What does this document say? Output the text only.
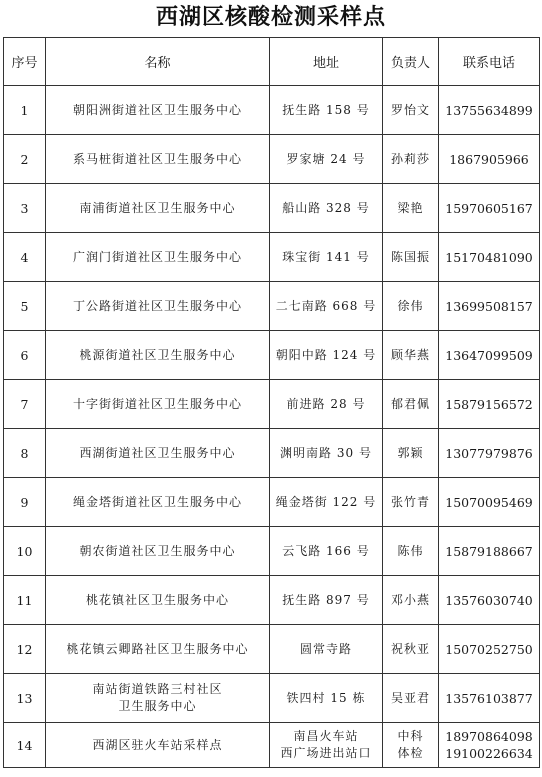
西湖区核酸检测采样点
序号	名称	地址	负责人	联系电话
1	朝阳洲街道社区卫生服务中心	抚生路 158 号	罗怡文	13755634899

2	系马桩街道社区卫生服务中心	罗家塘 24 号	孙莉莎	1867905966

3	南浦街道社区卫生服务中心	船山路 328 号	梁艳	15970605167

4	广润门街道社区卫生服务中心	珠宝街 141 号	陈国振	15170481090

5	丁公路街道社区卫生服务中心	二七南路 668 号	徐伟	13699508157

6	桃源街道社区卫生服务中心	朝阳中路 124 号	顾华燕	13647099509

7	十字街街道社区卫生服务中心	前进路 28 号	郁君佩	15879156572

8	西湖街道社区卫生服务中心	渊明南路 30 号	郭颖	13077979876

9	绳金塔街道社区卫生服务中心	绳金塔街 122 号	张竹青	15070095469

10	朝农街道社区卫生服务中心	云飞路 166 号	陈伟	15879188667

11	桃花镇社区卫生服务中心	抚生路 897 号	邓小燕	13576030740

12	桃花镇云卿路社区卫生服务中心	圆常寺路	祝秋亚	15070252750

13	南站街道铁路三村社区
卫生服务中心	铁四村 15 栋	吴亚君	13576103877

14	西湖区驻火车站采样点	南昌火车站
西广场进出站口	中科
体检	18970864098
19100226634
